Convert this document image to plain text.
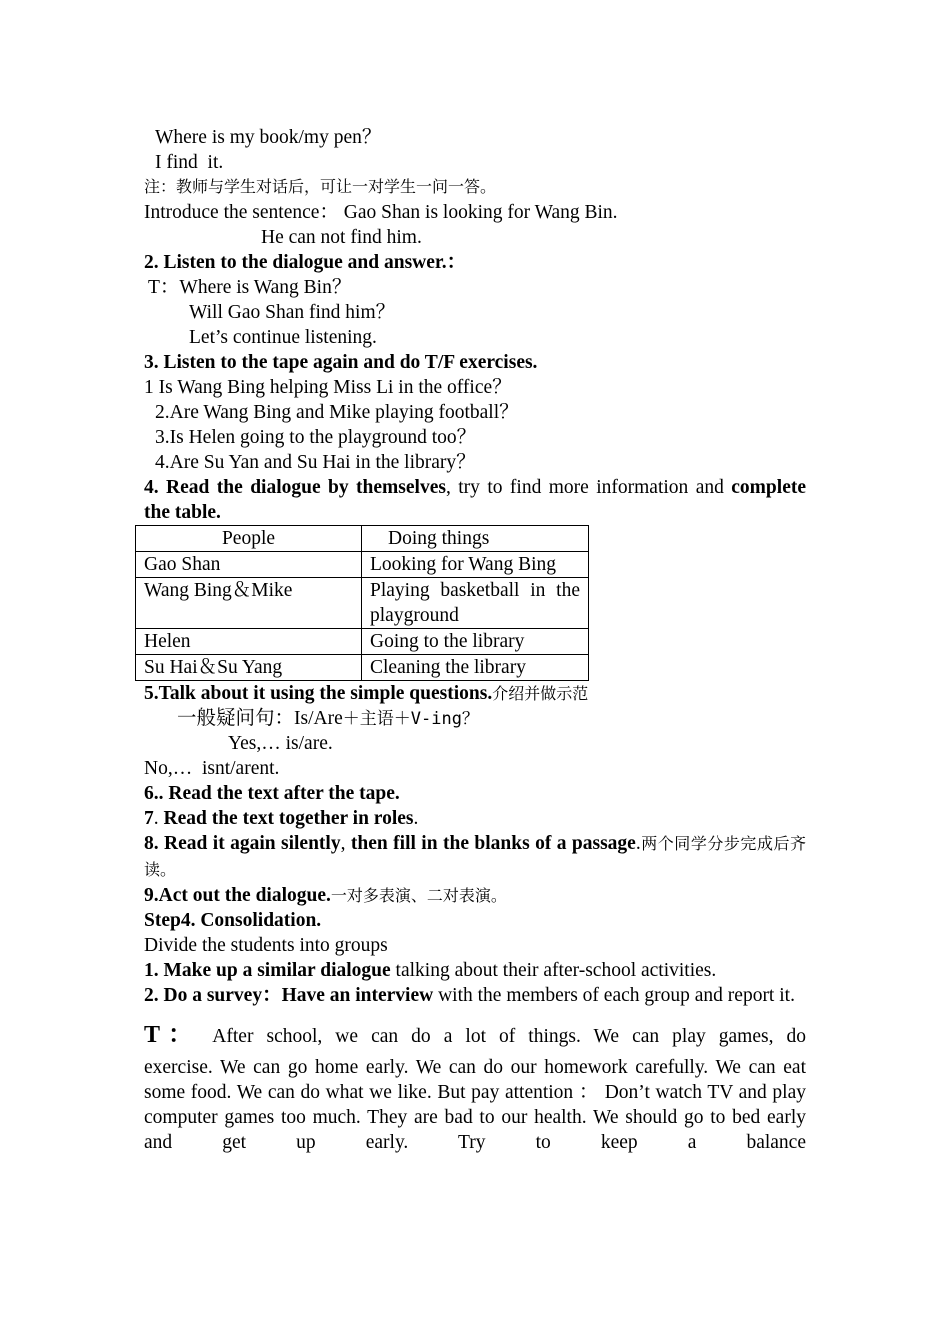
Where is my book/my pen？
I find  it.
注：教师与学生对话后，可让一对学生一问一答。
Introduce the sentence： Gao Shan is looking for Wang Bin.
He can not find him.
2. Listen to the dialogue and answer.：
T：Where is Wang Bin？
Will Gao Shan find him？
Let’s continue listening.
3. Listen to the tape again and do T/F exercises.
1 Is Wang Bing helping Miss Li in the office？
2.Are Wang Bing and Mike playing football？
3.Is Helen going to the playground too？
4.Are Su Yan and Su Hai in the library？
4. Read the dialogue by themselves, try to find more information and complete the table.
People	Doing things
Gao Shan	Looking for Wang Bing
Wang Bing＆Mike	Playing basketball in the playground
Helen	Going to the library
Su Hai＆Su Yang	Cleaning the library
5.Talk about it using the simple questions.介绍并做示范
一般疑问句：Is/Are＋主语＋V-ing？
Yes,… is/are.
No,…  isnt/arent.
6.. Read the text after the tape.
7. Read the text together in roles.
8. Read it again silently, then fill in the blanks of a passage.两个同学分步完成后齐读。
9.Act out the dialogue.一对多表演、二对表演。
Step4. Consolidation.
Divide the students into groups
1. Make up a similar dialogue talking about their after-school activities.
2. Do a survey：Have an interview with the members of each group and report it.
T： After school, we can do a lot of things. We can play games, do
exercise. We can go home early. We can do our homework carefully. We can eat some food. We can do what we like. But pay attention ： Don’t watch TV and play computer games too much. They are bad to our health. We should go to bed early and get up early. Try to keep a balance
